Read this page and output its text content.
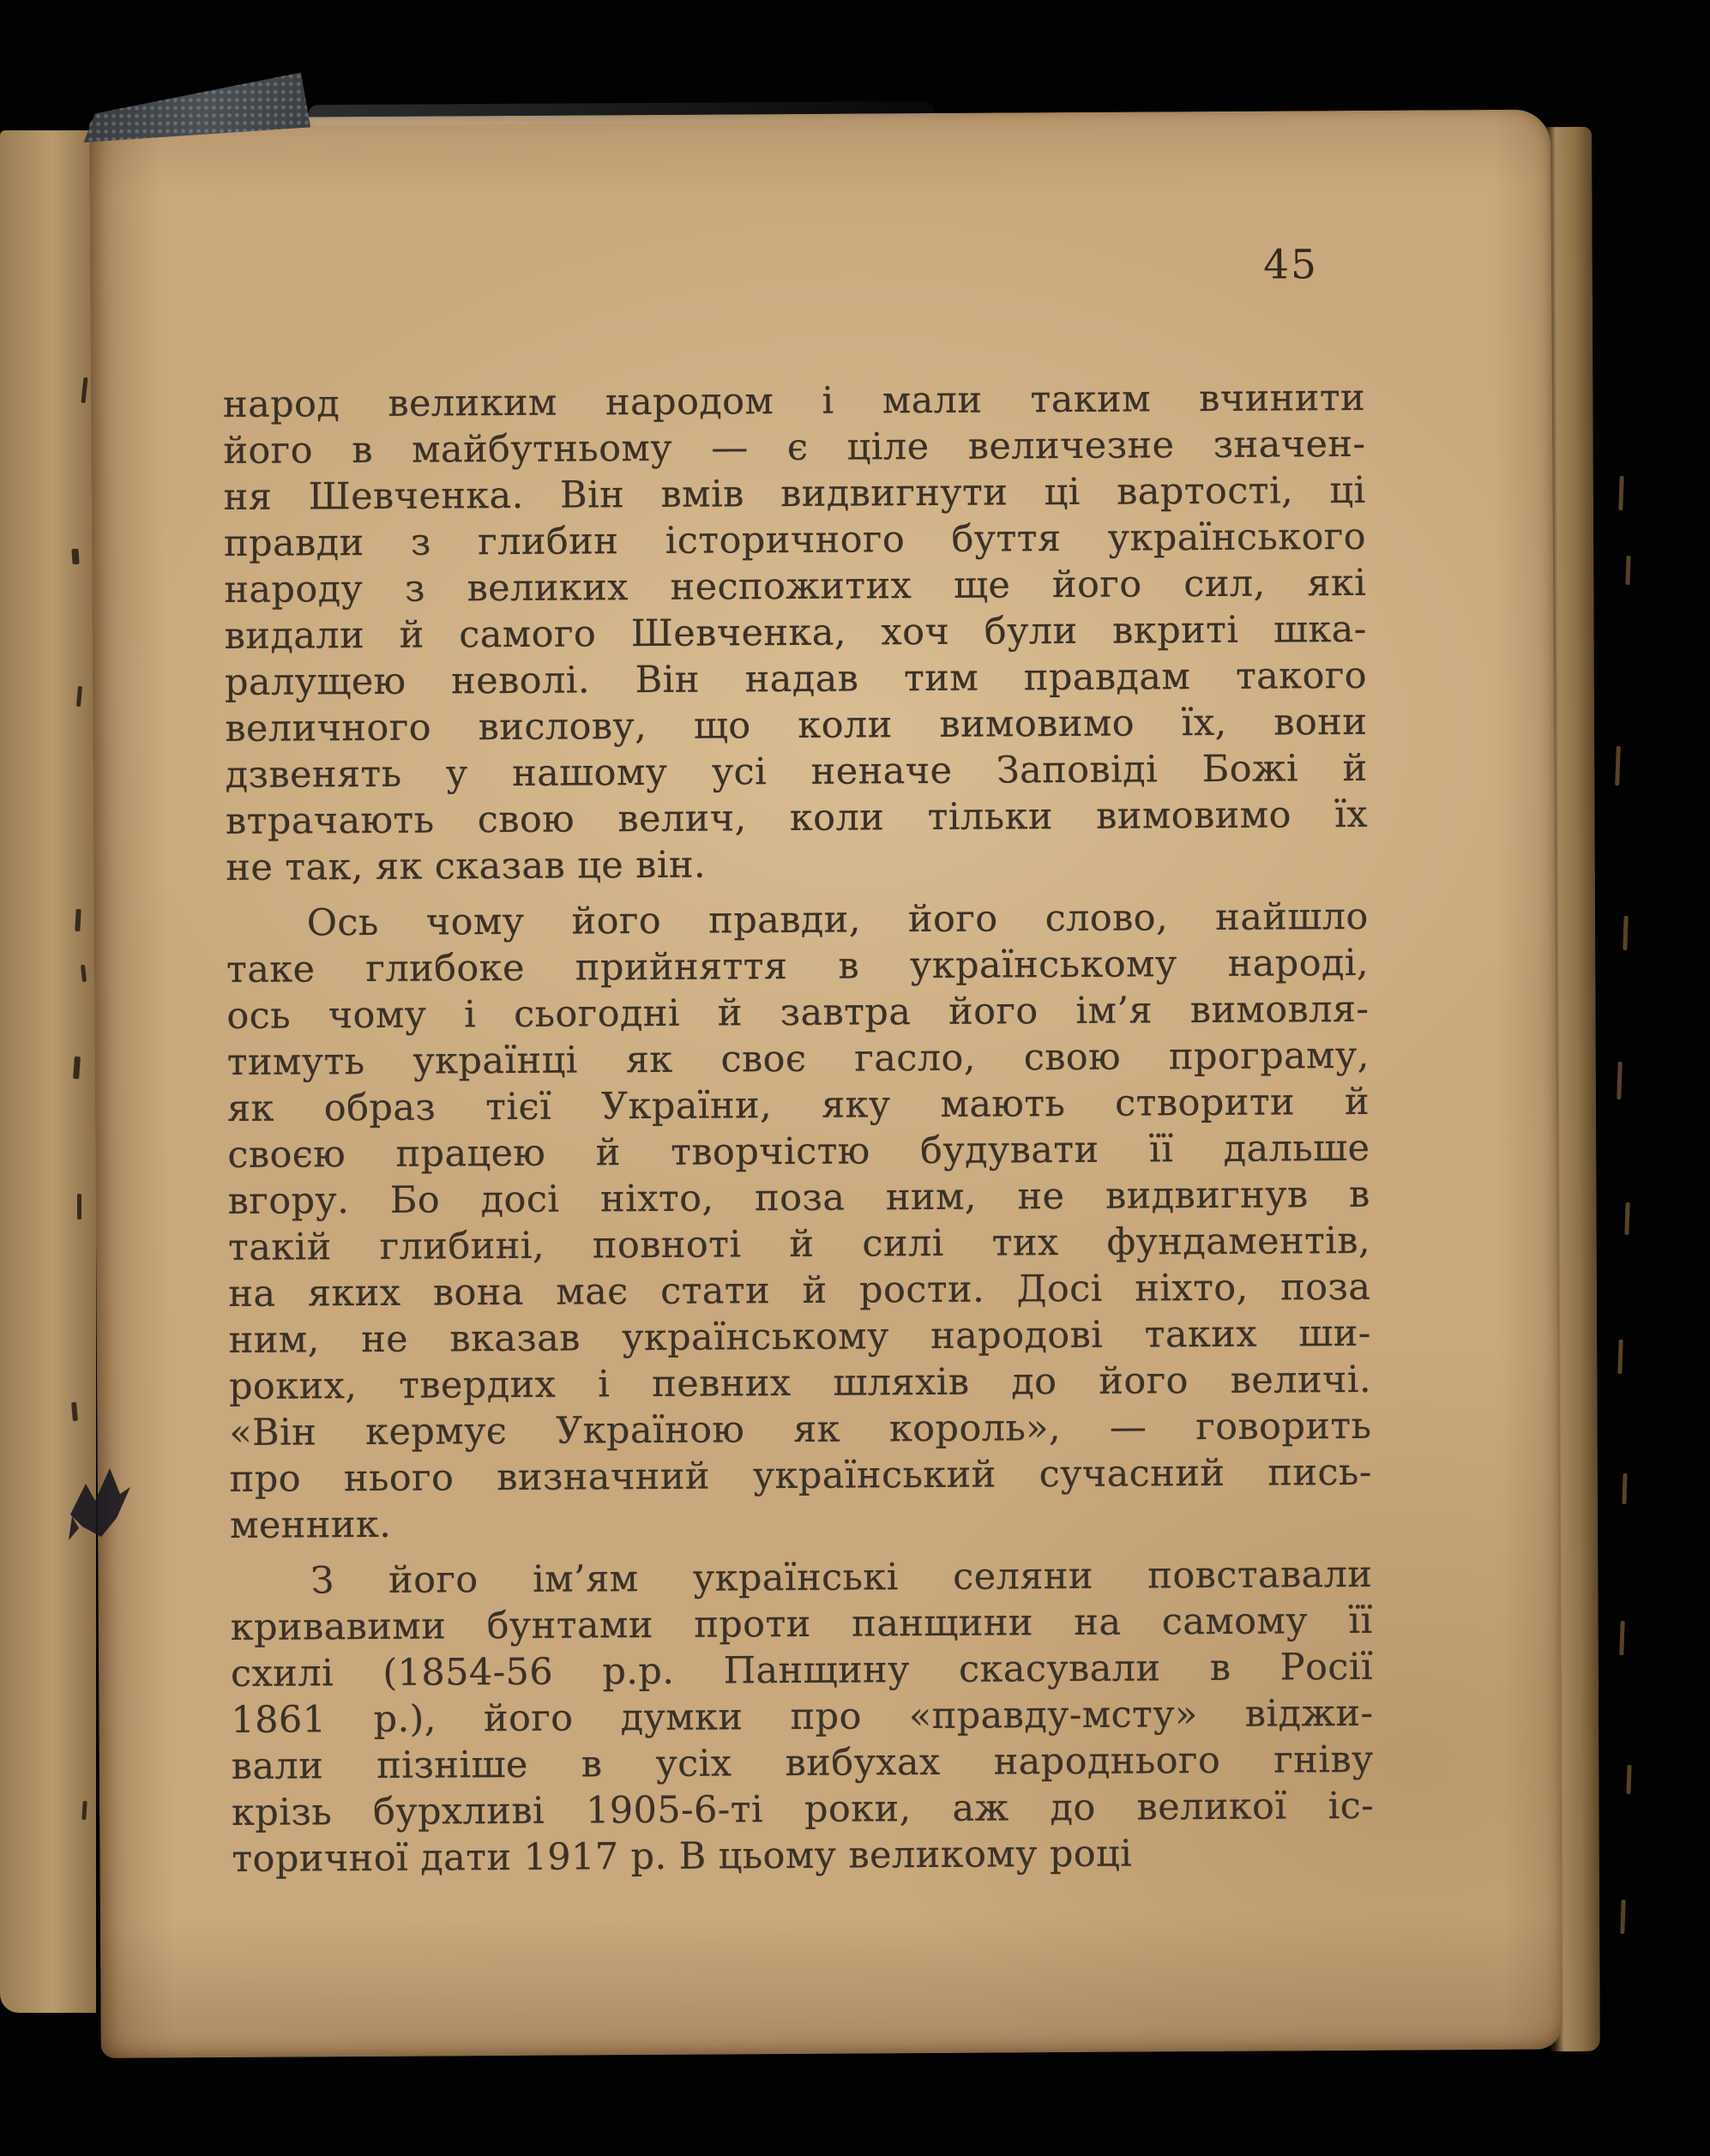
45
народ великим народом і мали таким вчинити
його в майбутньому — є ціле величезне значен-
ня Шевченка. Він вмів видвигнути ці вартості, ці
правди з глибин історичного буття українського
народу з великих неспожитих ще його сил, які
видали й самого Шевченка, хоч були вкриті шка-
ралущею неволі. Він надав тим правдам такого
величного вислову, що коли вимовимо їх, вони
дзвенять у нашому усі неначе Заповіді Божі й
втрачають свою велич, коли тільки вимовимо їх
не так, як сказав це він.
Ось чому його правди, його слово, найшло
таке глибоке прийняття в українському народі,
ось чому і сьогодні й завтра його ім’я вимовля-
тимуть українці як своє гасло, свою програму,
як образ тієї України, яку мають створити й
своєю працею й творчістю будувати її дальше
вгору. Бо досі ніхто, поза ним, не видвигнув в
такій глибині, повноті й силі тих фундаментів,
на яких вона має стати й рости. Досі ніхто, поза
ним, не вказав українському народові таких ши-
роких, твердих і певних шляхів до його величі.
«Він кермує Україною як король», — говорить
про нього визначний український сучасний пись-
менник.
З його ім’ям українські селяни повставали
кривавими бунтами проти панщини на самому її
схилі (1854-56 р.р. Панщину скасували в Росії
1861 р.), його думки про «правду-мсту» віджи-
вали пізніше в усіх вибухах народнього гніву
крізь бурхливі 1905-6-ті роки, аж до великої іс-
торичної дати 1917 р. В цьому великому році
